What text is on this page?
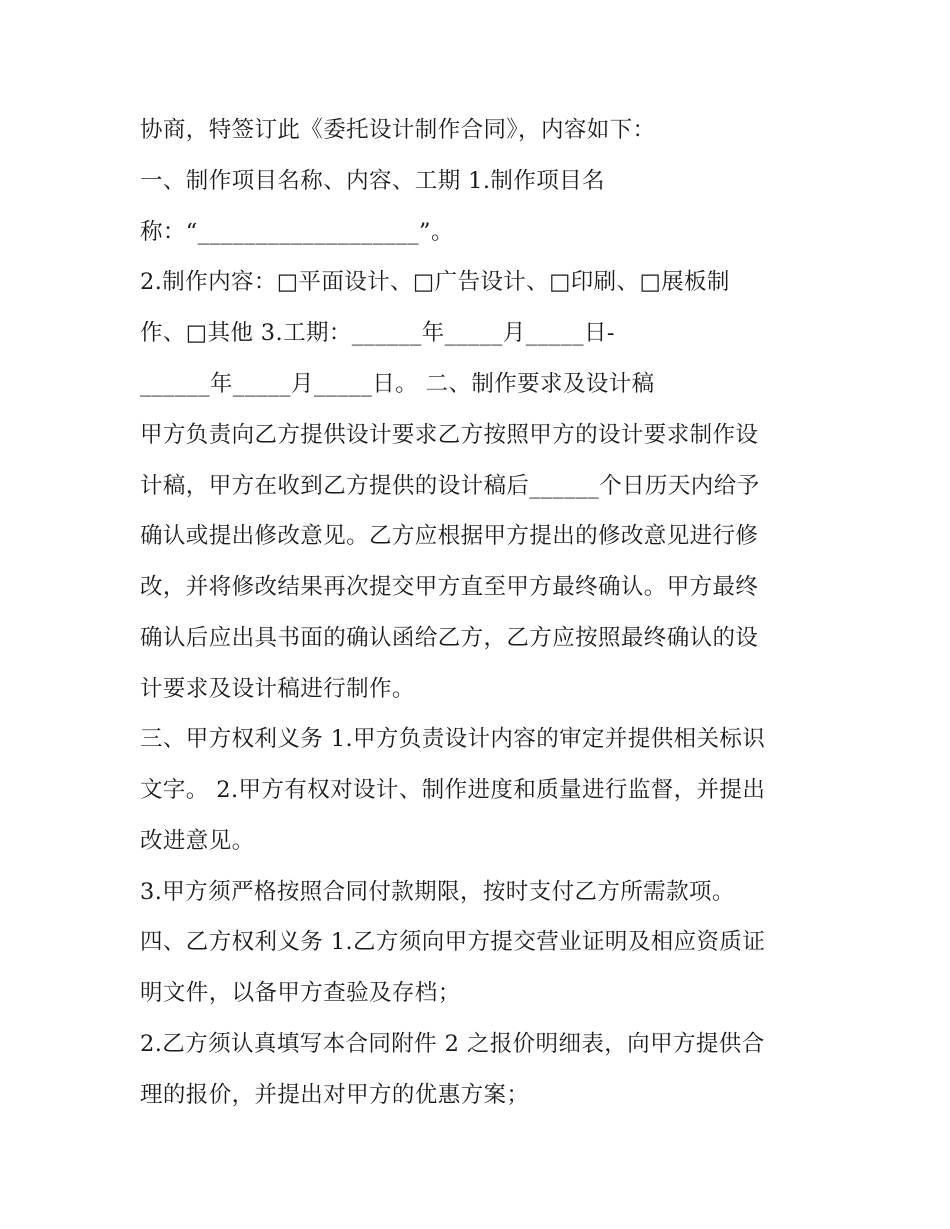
协商，特签订此《委托设计制作合同》，内容如下：
一、制作项目名称、内容、工期 1.制作项目名
称：“___________________”。
2.制作内容：□平面设计、□广告设计、□印刷、□展板制
作、□其他 3.工期：______年_____月_____日-
______年_____月_____日。 二、制作要求及设计稿
甲方负责向乙方提供设计要求乙方按照甲方的设计要求制作设
计稿，甲方在收到乙方提供的设计稿后______个日历天内给予
确认或提出修改意见。乙方应根据甲方提出的修改意见进行修
改，并将修改结果再次提交甲方直至甲方最终确认。甲方最终
确认后应出具书面的确认函给乙方，乙方应按照最终确认的设
计要求及设计稿进行制作。
三、甲方权利义务 1.甲方负责设计内容的审定并提供相关标识
文字。 2.甲方有权对设计、制作进度和质量进行监督，并提出
改进意见。
3.甲方须严格按照合同付款期限，按时支付乙方所需款项。
四、乙方权利义务 1.乙方须向甲方提交营业证明及相应资质证
明文件，以备甲方查验及存档；
2.乙方须认真填写本合同附件 2 之报价明细表，向甲方提供合
理的报价，并提出对甲方的优惠方案；
